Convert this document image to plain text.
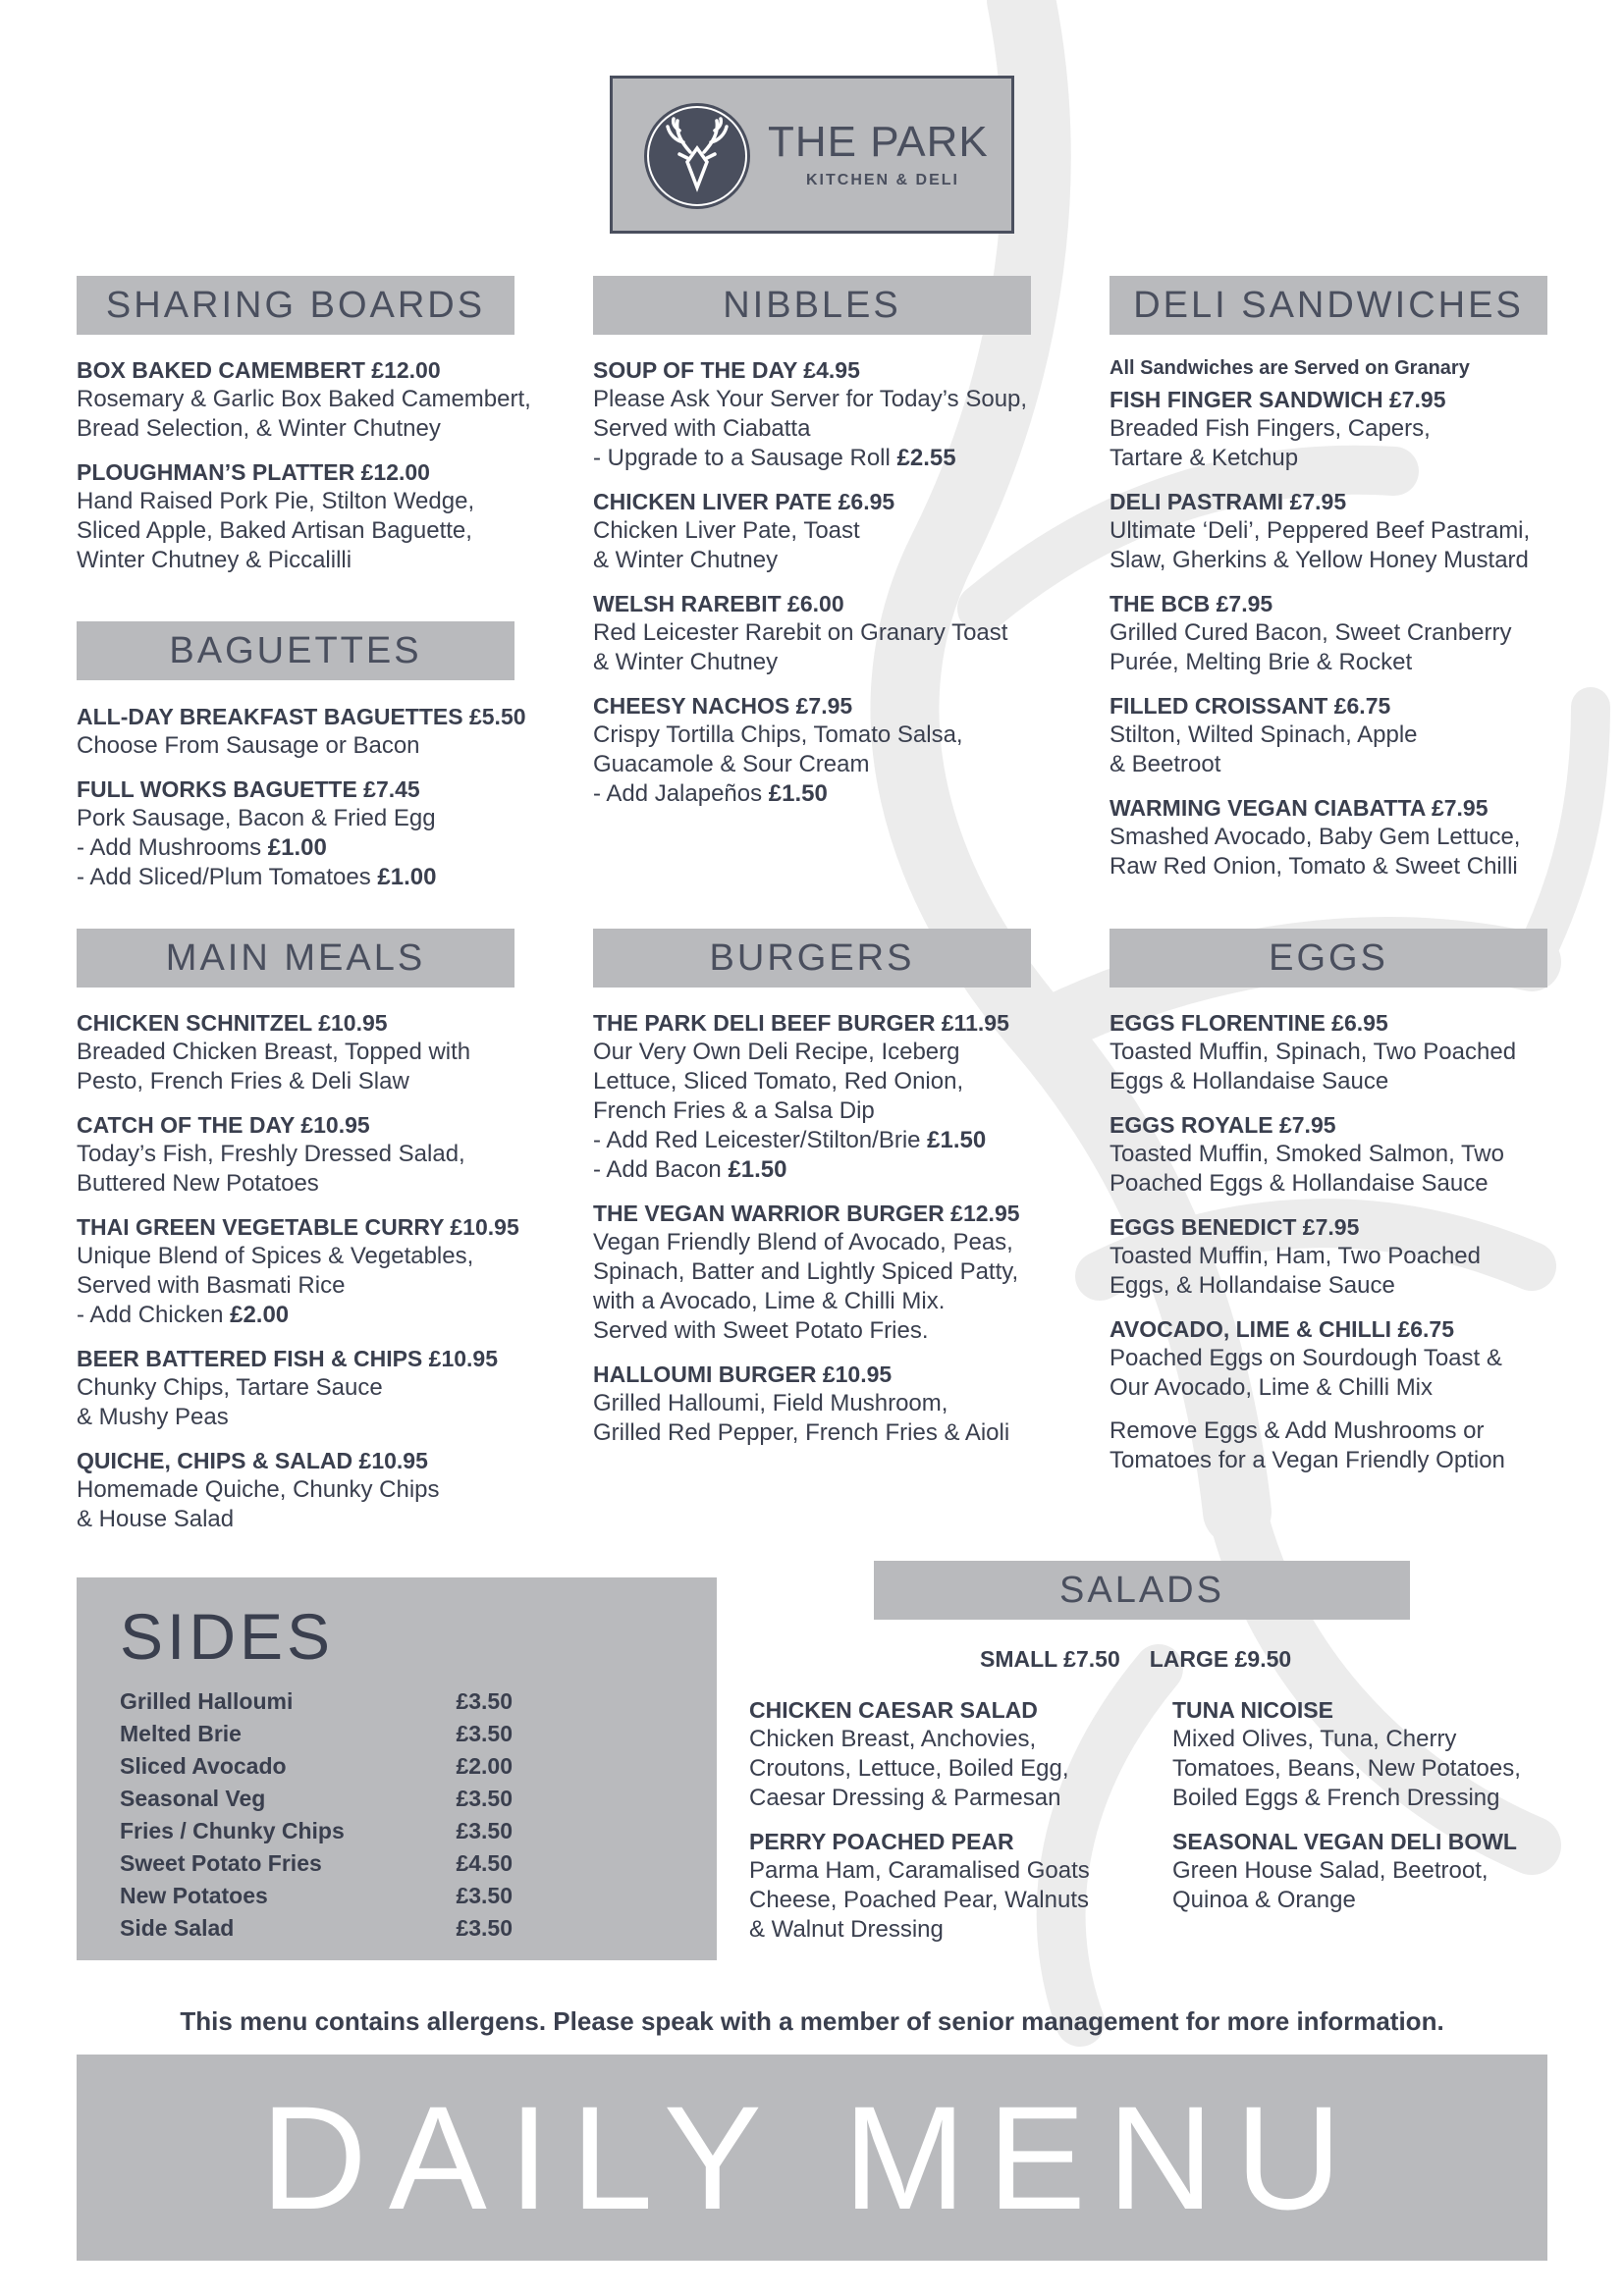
THE PARK
KITCHEN & DELI
SHARING BOARDS	NIBBLES	DELI SANDWICHES
BAGUETTES
MAIN MEALS	BURGERS	EGGS
SALADS
BOX BAKED CAMEMBERT £12.00
Rosemary & Garlic Box Baked Camembert,
Bread Selection, & Winter Chutney
PLOUGHMAN’S PLATTER £12.00
Hand Raised Pork Pie, Stilton Wedge,
Sliced Apple, Baked Artisan Baguette,
Winter Chutney & Piccalilli
ALL-DAY BREAKFAST BAGUETTES £5.50
Choose From Sausage or Bacon
FULL WORKS BAGUETTE £7.45
Pork Sausage, Bacon & Fried Egg
- Add Mushrooms £1.00
- Add Sliced/Plum Tomatoes £1.00
SOUP OF THE DAY £4.95
Please Ask Your Server for Today’s Soup,
Served with Ciabatta
- Upgrade to a Sausage Roll £2.55
CHICKEN LIVER PATE £6.95
Chicken Liver Pate, Toast
& Winter Chutney
WELSH RAREBIT £6.00
Red Leicester Rarebit on Granary Toast
& Winter Chutney
CHEESY NACHOS £7.95
Crispy Tortilla Chips, Tomato Salsa,
Guacamole & Sour Cream
- Add Jalapeños £1.50
All Sandwiches are Served on Granary
FISH FINGER SANDWICH £7.95
Breaded Fish Fingers, Capers,
Tartare & Ketchup
DELI PASTRAMI £7.95
Ultimate ‘Deli’, Peppered Beef Pastrami,
Slaw, Gherkins & Yellow Honey Mustard
THE BCB £7.95
Grilled Cured Bacon, Sweet Cranberry
Purée, Melting Brie & Rocket
FILLED CROISSANT £6.75
Stilton, Wilted Spinach, Apple
& Beetroot
WARMING VEGAN CIABATTA £7.95
Smashed Avocado, Baby Gem Lettuce,
Raw Red Onion, Tomato & Sweet Chilli
CHICKEN SCHNITZEL £10.95
Breaded Chicken Breast, Topped with
Pesto, French Fries & Deli Slaw
CATCH OF THE DAY £10.95
Today’s Fish, Freshly Dressed Salad,
Buttered New Potatoes
THAI GREEN VEGETABLE CURRY £10.95
Unique Blend of Spices & Vegetables,
Served with Basmati Rice
- Add Chicken £2.00
BEER BATTERED FISH & CHIPS £10.95
Chunky Chips, Tartare Sauce
& Mushy Peas
QUICHE, CHIPS & SALAD £10.95
Homemade Quiche, Chunky Chips
& House Salad
THE PARK DELI BEEF BURGER £11.95
Our Very Own Deli Recipe, Iceberg
Lettuce, Sliced Tomato, Red Onion,
French Fries & a Salsa Dip
- Add Red Leicester/Stilton/Brie £1.50
- Add Bacon £1.50
THE VEGAN WARRIOR BURGER £12.95
Vegan Friendly Blend of Avocado, Peas,
Spinach, Batter and Lightly Spiced Patty,
with a Avocado, Lime & Chilli Mix.
Served with Sweet Potato Fries.
HALLOUMI BURGER £10.95
Grilled Halloumi, Field Mushroom,
Grilled Red Pepper, French Fries & Aioli
EGGS FLORENTINE £6.95
Toasted Muffin, Spinach, Two Poached
Eggs & Hollandaise Sauce
EGGS ROYALE £7.95
Toasted Muffin, Smoked Salmon, Two
Poached Eggs & Hollandaise Sauce
EGGS BENEDICT £7.95
Toasted Muffin, Ham, Two Poached
Eggs, & Hollandaise Sauce
AVOCADO, LIME & CHILLI £6.75
Poached Eggs on Sourdough Toast &
Our Avocado, Lime & Chilli Mix
Remove Eggs & Add Mushrooms or
Tomatoes for a Vegan Friendly Option
SIDES
Grilled Halloumi	£3.50
Melted Brie	£3.50
Sliced Avocado	£2.00
Seasonal Veg	£3.50
Fries / Chunky Chips	£3.50
Sweet Potato Fries	£4.50
New Potatoes	£3.50
Side Salad	£3.50
SMALL £7.50 LARGE £9.50
CHICKEN CAESAR SALAD
Chicken Breast, Anchovies,
Croutons, Lettuce, Boiled Egg,
Caesar Dressing & Parmesan
PERRY POACHED PEAR
Parma Ham, Caramalised Goats
Cheese, Poached Pear, Walnuts
& Walnut Dressing
TUNA NICOISE
Mixed Olives, Tuna, Cherry
Tomatoes, Beans, New Potatoes,
Boiled Eggs & French Dressing
SEASONAL VEGAN DELI BOWL
Green House Salad, Beetroot,
Quinoa & Orange
This menu contains allergens. Please speak with a member of senior management for more information.
DAILY MENU
